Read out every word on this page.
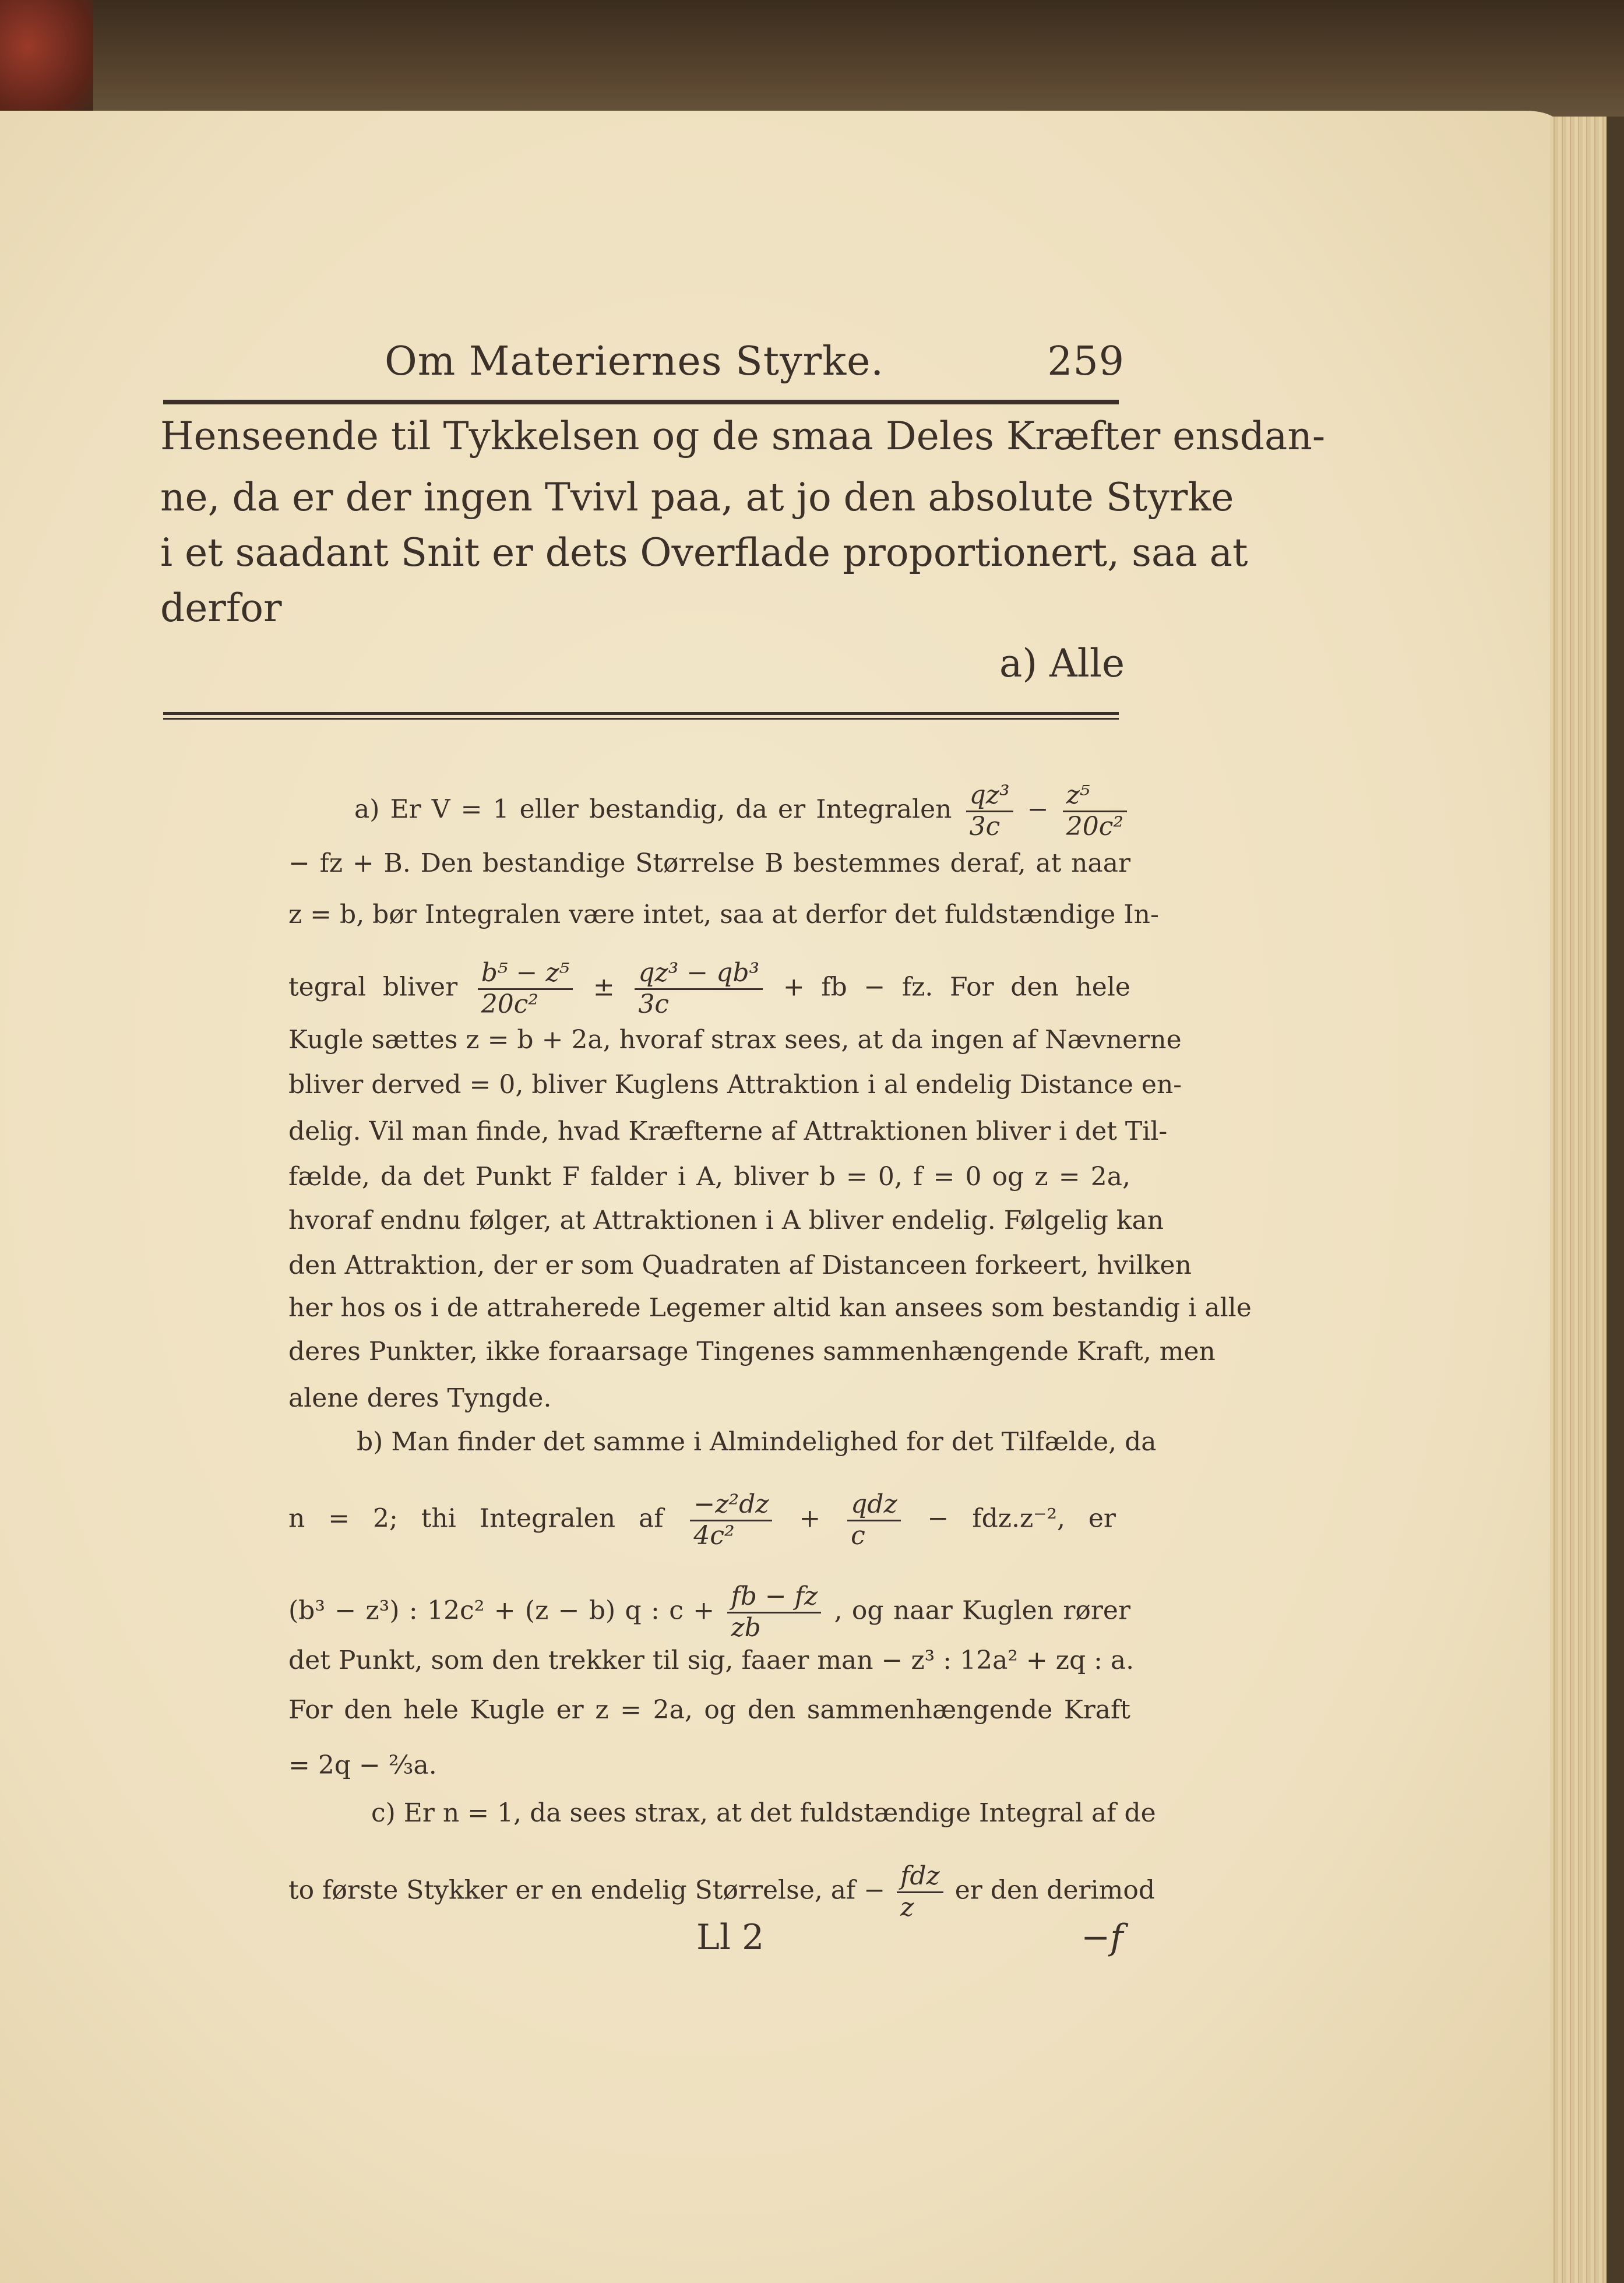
Om Materiernes Styrke.	259
Henseende til Tykkelsen og de smaa Deles Kræfter ensdan-
ne, da er der ingen Tvivl paa, at jo den absolute Styrke
i et saadant Snit er dets Overflade proportionert, saa at
derfor
a) Alle
a) Er V = 1 eller bestandig, da er Integralen $\frac{\text{qz³}}{3c} - \frac{\text{z⁵}}{\text{20c²}}$
− fz + B. Den bestandige Størrelse B bestemmes deraf, at naar
z = b, bør Integralen være intet, saa at derfor det fuldstændige In-
tegral bliver $\frac{\text{b⁵ − z⁵}}{\text{20c²}} \pm \frac{\text{qz³ − qb³}}{3c}$ + fb − fz. For den hele
Kugle sættes z = b + 2a, hvoraf strax sees, at da ingen af Nævnerne
bliver derved = 0, bliver Kuglens Attraktion i al endelig Distance en-
delig. Vil man finde, hvad Kræfterne af Attraktionen bliver i det Til-
fælde, da det Punkt F falder i A, bliver b = 0, f = 0 og z = 2a,
hvoraf endnu følger, at Attraktionen i A bliver endelig. Følgelig kan
den Attraktion, der er som Quadraten af Distanceen forkeert, hvilken
her hos os i de attraherede Legemer altid kan ansees som bestandig i alle
deres Punkter, ikke foraarsage Tingenes sammenhængende Kraft, men
alene deres Tyngde.
b) Man finder det samme i Almindelighed for det Tilfælde, da
n = 2; thi Integralen af $\frac{\text{−z²dz}}{\text{4c²}} + \frac{\text{qdz}}{c} - fdz.z^{-2}$, er
(b³ − z³) : 12c² + (z − b) q : $c + \frac{fb - fz}{zb}$ , og naar Kuglen rører
det Punkt, som den trekker til sig, faaer man − z³ : 12a² + zq : a.
For den hele Kugle er z = 2a, og den sammenhængende Kraft
= 2q − ⅔a.
c) Er n = 1, da sees strax, at det fuldstændige Integral af de
to første Stykker er en endelig Størrelse, af − $\frac{\text{fdz}}{z}$ er den derimod
Ll 2	−f
